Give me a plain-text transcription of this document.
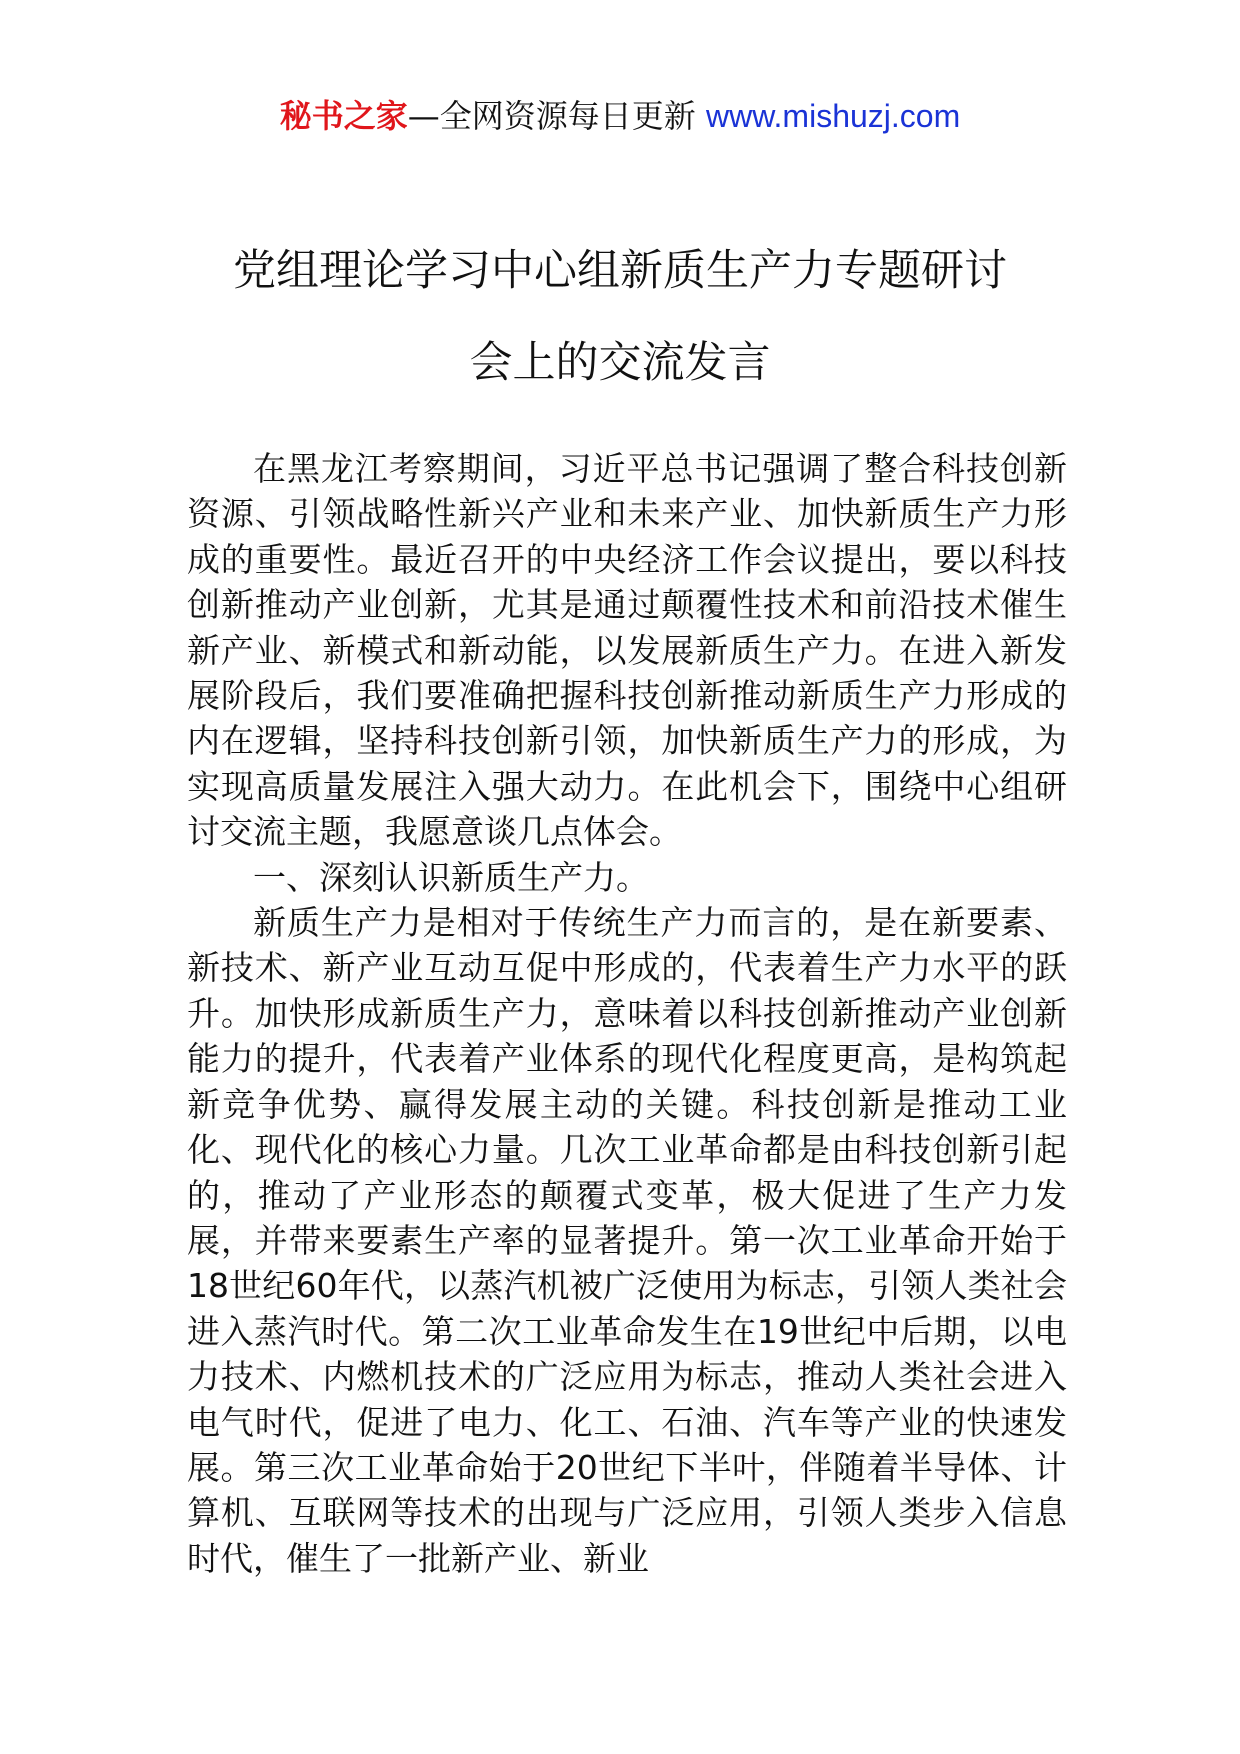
秘书之家—全网资源每日更新 www.mishuzj.com
党组理论学习中心组新质生产力专题研讨
会上的交流发言

在黑龙江考察期间，习近平总书记强调了整合科技创新资源、引领战略性新兴产业和未来产业、加快新质生产力形成的重要性。最近召开的中央经济工作会议提出，要以科技创新推动产业创新，尤其是通过颠覆性技术和前沿技术催生新产业、新模式和新动能，以发展新质生产力。在进入新发展阶段后，我们要准确把握科技创新推动新质生产力形成的内在逻辑，坚持科技创新引领，加快新质生产力的形成，为实现高质量发展注入强大动力。在此机会下，围绕中心组研讨交流主题，我愿意谈几点体会。

一、深刻认识新质生产力。

新质生产力是相对于传统生产力而言的，是在新要素、新技术、新产业互动互促中形成的，代表着生产力水平的跃升。加快形成新质生产力，意味着以科技创新推动产业创新能力的提升，代表着产业体系的现代化程度更高，是构筑起新竞争优势、赢得发展主动的关键。科技创新是推动工业化、现代化的核心力量。几次工业革命都是由科技创新引起的，推动了产业形态的颠覆式变革，极大促进了生产力发展，并带来要素生产率的显著提升。第一次工业革命开始于18世纪60年代，以蒸汽机被广泛使用为标志，引领人类社会进入蒸汽时代。第二次工业革命发生在19世纪中后期，以电力技术、内燃机技术的广泛应用为标志，推动人类社会进入电气时代，促进了电力、化工、石油、汽车等产业的快速发展。第三次工业革命始于20世纪下半叶，伴随着半导体、计算机、互联网等技术的出现与广泛应用，引领人类步入信息时代，催生了一批新产业、新业
